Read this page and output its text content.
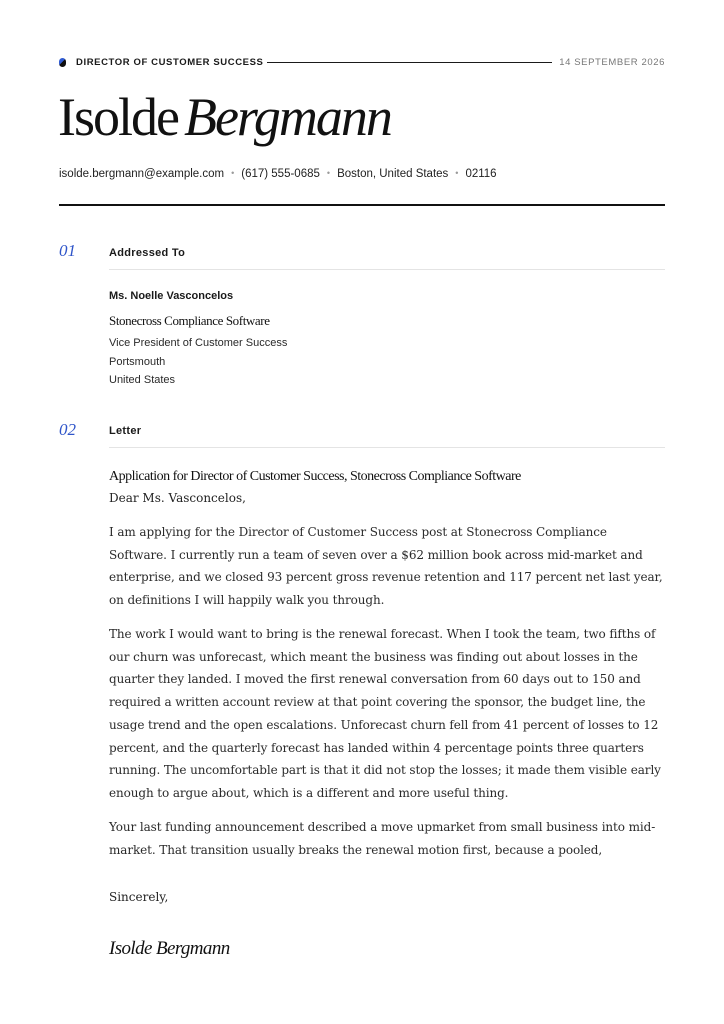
DIRECTOR OF CUSTOMER SUCCESS	14 SEPTEMBER 2026
Isolde Bergmann
isolde.bergmann@example.com • (617) 555-0685 • Boston, United States • 02116
01	Addressed To
Ms. Noelle Vasconcelos
Stonecross Compliance Software
Vice President of Customer Success
Portsmouth
United States
02	Letter
Application for Director of Customer Success, Stonecross Compliance Software
Dear Ms. Vasconcelos,

I am applying for the Director of Customer Success post at Stonecross Compliance Software. I currently run a team of seven over a $62 million book across mid-market and enterprise, and we closed 93 percent gross revenue retention and 117 percent net last year, on definitions I will happily walk you through.

The work I would want to bring is the renewal forecast. When I took the team, two fifths of our churn was unforecast, which meant the business was finding out about losses in the quarter they landed. I moved the first renewal conversation from 60 days out to 150 and required a written account review at that point covering the sponsor, the budget line, the usage trend and the open escalations. Unforecast churn fell from 41 percent of losses to 12 percent, and the quarterly forecast has landed within 4 percentage points three quarters running. The uncomfortable part is that it did not stop the losses; it made them visible early enough to argue about, which is a different and more useful thing.

Your last funding announcement described a move upmarket from small business into mid-market. That transition usually breaks the renewal motion first, because a pooled,

Sincerely,
Isolde Bergmann
